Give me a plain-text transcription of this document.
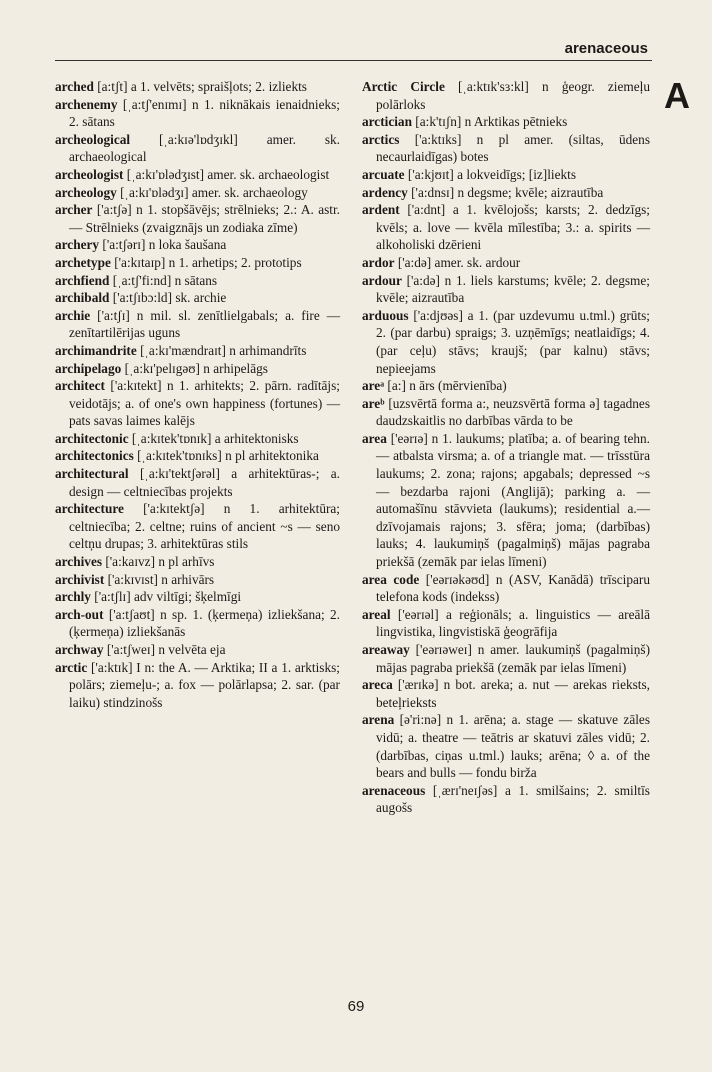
arenaceous
A

arched [a:tʃt] a 1. velvēts; spraišļots; 2. izliekts

archenemy [ˌa:tʃ'enɪmɪ] n 1. niknākais ienaidnieks; 2. sātans

archeological [ˌa:kɪə'lɒdʒɪkl] amer. sk. archaeological

archeologist [ˌa:kɪ'ɒlədʒɪst] amer. sk. archaeologist

archeology [ˌa:kɪ'ɒlədʒɪ] amer. sk. archaeology

archer ['a:tʃə] n 1. stopšāvējs; strēlnieks; 2.: A. astr. — Strēlnieks (zvaigznājs un zodiaka zīme)

archery ['a:tʃərɪ] n loka šaušana

archetype ['a:kɪtaɪp] n 1. arhetips; 2. prototips

archfiend [ˌa:tʃ'fi:nd] n sātans

archibald ['a:tʃɪbɔ:ld] sk. archie

archie ['a:tʃɪ] n mil. sl. zenītlielgabals; a. fire — zenītartilērijas uguns

archimandrite [ˌa:kɪ'mændraɪt] n arhimandrīts

archipelago [ˌa:kɪ'pelɪgəʊ] n arhipelāgs

architect ['a:kɪtekt] n 1. arhitekts; 2. pārn. radītājs; veidotājs; a. of one's own happiness (fortunes) — pats savas laimes kalējs

architectonic [ˌa:kɪtek'tɒnɪk] a arhitektonisks

architectonics [ˌa:kɪtek'tɒnɪks] n pl arhitektonika

architectural [ˌa:kɪ'tektʃərəl] a arhitektūras-; a. design — celtniecības projekts

architecture ['a:kɪtektʃə] n 1. arhitektūra; celtniecība; 2. celtne; ruins of ancient ~s — seno celtņu drupas; 3. arhitektūras stils

archives ['a:kaɪvz] n pl arhīvs

archivist ['a:kɪvɪst] n arhivārs

archly ['a:tʃlɪ] adv viltīgi; šķelmīgi

arch-out ['a:tʃaʊt] n sp. 1. (ķermeņa) izliekšana; 2. (ķermeņa) izliekšanās

archway ['a:tʃweɪ] n velvēta eja

arctic ['a:ktɪk] I n: the A. — Arktika; II a 1. arktisks; polārs; ziemeļu-; a. fox — polārlapsa; 2. sar. (par laiku) stindzinošs

Arctic Circle [ˌa:ktɪk'sɜ:kl] n ģeogr. ziemeļu polārloks

arctician [a:k'tɪʃn] n Arktikas pētnieks

arctics ['a:ktɪks] n pl amer. (siltas, ūdens necaurlaidīgas) botes

arcuate ['a:kjʊɪt] a lokveidīgs; [iz]liekts

ardency ['a:dnsɪ] n degsme; kvēle; aizrautība

ardent ['a:dnt] a 1. kvēlojošs; karsts; 2. dedzīgs; kvēls; a. love — kvēla mīlestība; 3.: a. spirits — alkoholiski dzērieni

ardor ['a:də] amer. sk. ardour

ardour ['a:də] n 1. liels karstums; kvēle; 2. degsme; kvēle; aizrautība

arduous ['a:djʊəs] a 1. (par uzdevumu u.tml.) grūts; 2. (par darbu) spraigs; 3. uzņēmīgs; neatlaidīgs; 4. (par ceļu) stāvs; kraujš; (par kalnu) stāvs; nepieejams

areᵃ [a:] n ārs (mērvienība)

areᵇ [uzsvērtā forma a:, neuzsvērtā forma ə] tagadnes daudzskaitlis no darbības vārda to be

area ['eərɪə] n 1. laukums; platība; a. of bearing tehn. — atbalsta virsma; a. of a triangle mat. — trīsstūra laukums; 2. zona; rajons; apgabals; depressed ~s — bezdarba rajoni (Anglijā); parking a. — automašīnu stāvvieta (laukums); residential a.— dzīvojamais rajons; 3. sfēra; joma; (darbības) lauks; 4. laukumiņš (pagalmiņš) mājas pagraba priekšā (zemāk par ielas līmeni)

area code ['eərɪəkəʊd] n (ASV, Kanādā) trīsciparu telefona kods (indekss)

areal ['eərɪəl] a reģionāls; a. linguistics — areālā lingvistika, lingvistiskā ģeogrāfija

areaway ['eərɪəweɪ] n amer. laukumiņš (pagalmiņš) mājas pagraba priekšā (zemāk par ielas līmeni)

areca ['ærɪkə] n bot. areka; a. nut — arekas rieksts, beteļrieksts

arena [ə'ri:nə] n 1. arēna; a. stage — skatuve zāles vidū; a. theatre — teātris ar skatuvi zāles vidū; 2. (darbības, ciņas u.tml.) lauks; arēna; ◊ a. of the bears and bulls — fondu birža

arenaceous [ˌærɪ'neɪʃəs] a 1. smilšains; 2. smiltīs augošs

69
